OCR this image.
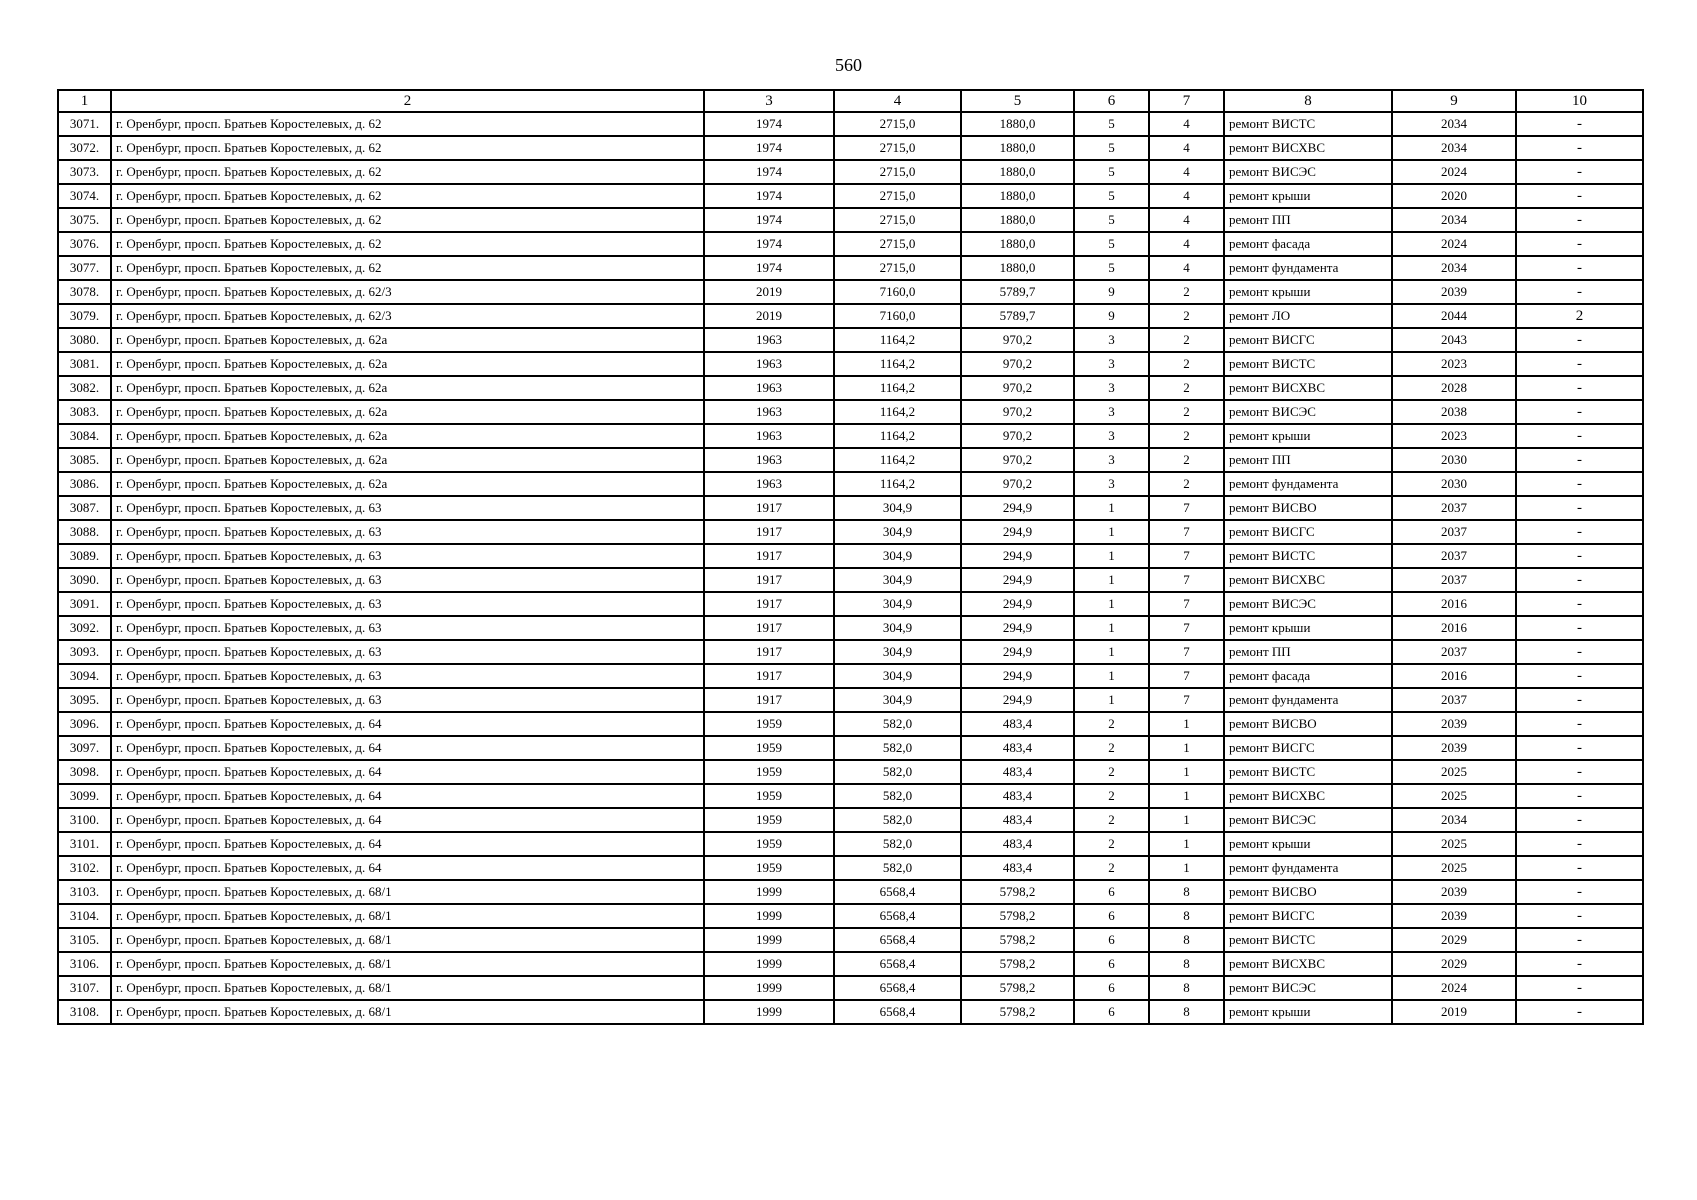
560
1	2	3	4	5	6	7	8	9	10
3071.	г. Оренбург, просп. Братьев Коростелевых, д. 62	1974	2715,0	1880,0	5	4	ремонт ВИСТС	2034	-
3072.	г. Оренбург, просп. Братьев Коростелевых, д. 62	1974	2715,0	1880,0	5	4	ремонт ВИСХВС	2034	-
3073.	г. Оренбург, просп. Братьев Коростелевых, д. 62	1974	2715,0	1880,0	5	4	ремонт ВИСЭС	2024	-
3074.	г. Оренбург, просп. Братьев Коростелевых, д. 62	1974	2715,0	1880,0	5	4	ремонт крыши	2020	-
3075.	г. Оренбург, просп. Братьев Коростелевых, д. 62	1974	2715,0	1880,0	5	4	ремонт ПП	2034	-
3076.	г. Оренбург, просп. Братьев Коростелевых, д. 62	1974	2715,0	1880,0	5	4	ремонт фасада	2024	-
3077.	г. Оренбург, просп. Братьев Коростелевых, д. 62	1974	2715,0	1880,0	5	4	ремонт фундамента	2034	-
3078.	г. Оренбург, просп. Братьев Коростелевых, д. 62/3	2019	7160,0	5789,7	9	2	ремонт крыши	2039	-
3079.	г. Оренбург, просп. Братьев Коростелевых, д. 62/3	2019	7160,0	5789,7	9	2	ремонт ЛО	2044	2
3080.	г. Оренбург, просп. Братьев Коростелевых, д. 62а	1963	1164,2	970,2	3	2	ремонт ВИСГС	2043	-
3081.	г. Оренбург, просп. Братьев Коростелевых, д. 62а	1963	1164,2	970,2	3	2	ремонт ВИСТС	2023	-
3082.	г. Оренбург, просп. Братьев Коростелевых, д. 62а	1963	1164,2	970,2	3	2	ремонт ВИСХВС	2028	-
3083.	г. Оренбург, просп. Братьев Коростелевых, д. 62а	1963	1164,2	970,2	3	2	ремонт ВИСЭС	2038	-
3084.	г. Оренбург, просп. Братьев Коростелевых, д. 62а	1963	1164,2	970,2	3	2	ремонт крыши	2023	-
3085.	г. Оренбург, просп. Братьев Коростелевых, д. 62а	1963	1164,2	970,2	3	2	ремонт ПП	2030	-
3086.	г. Оренбург, просп. Братьев Коростелевых, д. 62а	1963	1164,2	970,2	3	2	ремонт фундамента	2030	-
3087.	г. Оренбург, просп. Братьев Коростелевых, д. 63	1917	304,9	294,9	1	7	ремонт ВИСВО	2037	-
3088.	г. Оренбург, просп. Братьев Коростелевых, д. 63	1917	304,9	294,9	1	7	ремонт ВИСГС	2037	-
3089.	г. Оренбург, просп. Братьев Коростелевых, д. 63	1917	304,9	294,9	1	7	ремонт ВИСТС	2037	-
3090.	г. Оренбург, просп. Братьев Коростелевых, д. 63	1917	304,9	294,9	1	7	ремонт ВИСХВС	2037	-
3091.	г. Оренбург, просп. Братьев Коростелевых, д. 63	1917	304,9	294,9	1	7	ремонт ВИСЭС	2016	-
3092.	г. Оренбург, просп. Братьев Коростелевых, д. 63	1917	304,9	294,9	1	7	ремонт крыши	2016	-
3093.	г. Оренбург, просп. Братьев Коростелевых, д. 63	1917	304,9	294,9	1	7	ремонт ПП	2037	-
3094.	г. Оренбург, просп. Братьев Коростелевых, д. 63	1917	304,9	294,9	1	7	ремонт фасада	2016	-
3095.	г. Оренбург, просп. Братьев Коростелевых, д. 63	1917	304,9	294,9	1	7	ремонт фундамента	2037	-
3096.	г. Оренбург, просп. Братьев Коростелевых, д. 64	1959	582,0	483,4	2	1	ремонт ВИСВО	2039	-
3097.	г. Оренбург, просп. Братьев Коростелевых, д. 64	1959	582,0	483,4	2	1	ремонт ВИСГС	2039	-
3098.	г. Оренбург, просп. Братьев Коростелевых, д. 64	1959	582,0	483,4	2	1	ремонт ВИСТС	2025	-
3099.	г. Оренбург, просп. Братьев Коростелевых, д. 64	1959	582,0	483,4	2	1	ремонт ВИСХВС	2025	-
3100.	г. Оренбург, просп. Братьев Коростелевых, д. 64	1959	582,0	483,4	2	1	ремонт ВИСЭС	2034	-
3101.	г. Оренбург, просп. Братьев Коростелевых, д. 64	1959	582,0	483,4	2	1	ремонт крыши	2025	-
3102.	г. Оренбург, просп. Братьев Коростелевых, д. 64	1959	582,0	483,4	2	1	ремонт фундамента	2025	-
3103.	г. Оренбург, просп. Братьев Коростелевых, д. 68/1	1999	6568,4	5798,2	6	8	ремонт ВИСВО	2039	-
3104.	г. Оренбург, просп. Братьев Коростелевых, д. 68/1	1999	6568,4	5798,2	6	8	ремонт ВИСГС	2039	-
3105.	г. Оренбург, просп. Братьев Коростелевых, д. 68/1	1999	6568,4	5798,2	6	8	ремонт ВИСТС	2029	-
3106.	г. Оренбург, просп. Братьев Коростелевых, д. 68/1	1999	6568,4	5798,2	6	8	ремонт ВИСХВС	2029	-
3107.	г. Оренбург, просп. Братьев Коростелевых, д. 68/1	1999	6568,4	5798,2	6	8	ремонт ВИСЭС	2024	-
3108.	г. Оренбург, просп. Братьев Коростелевых, д. 68/1	1999	6568,4	5798,2	6	8	ремонт крыши	2019	-
